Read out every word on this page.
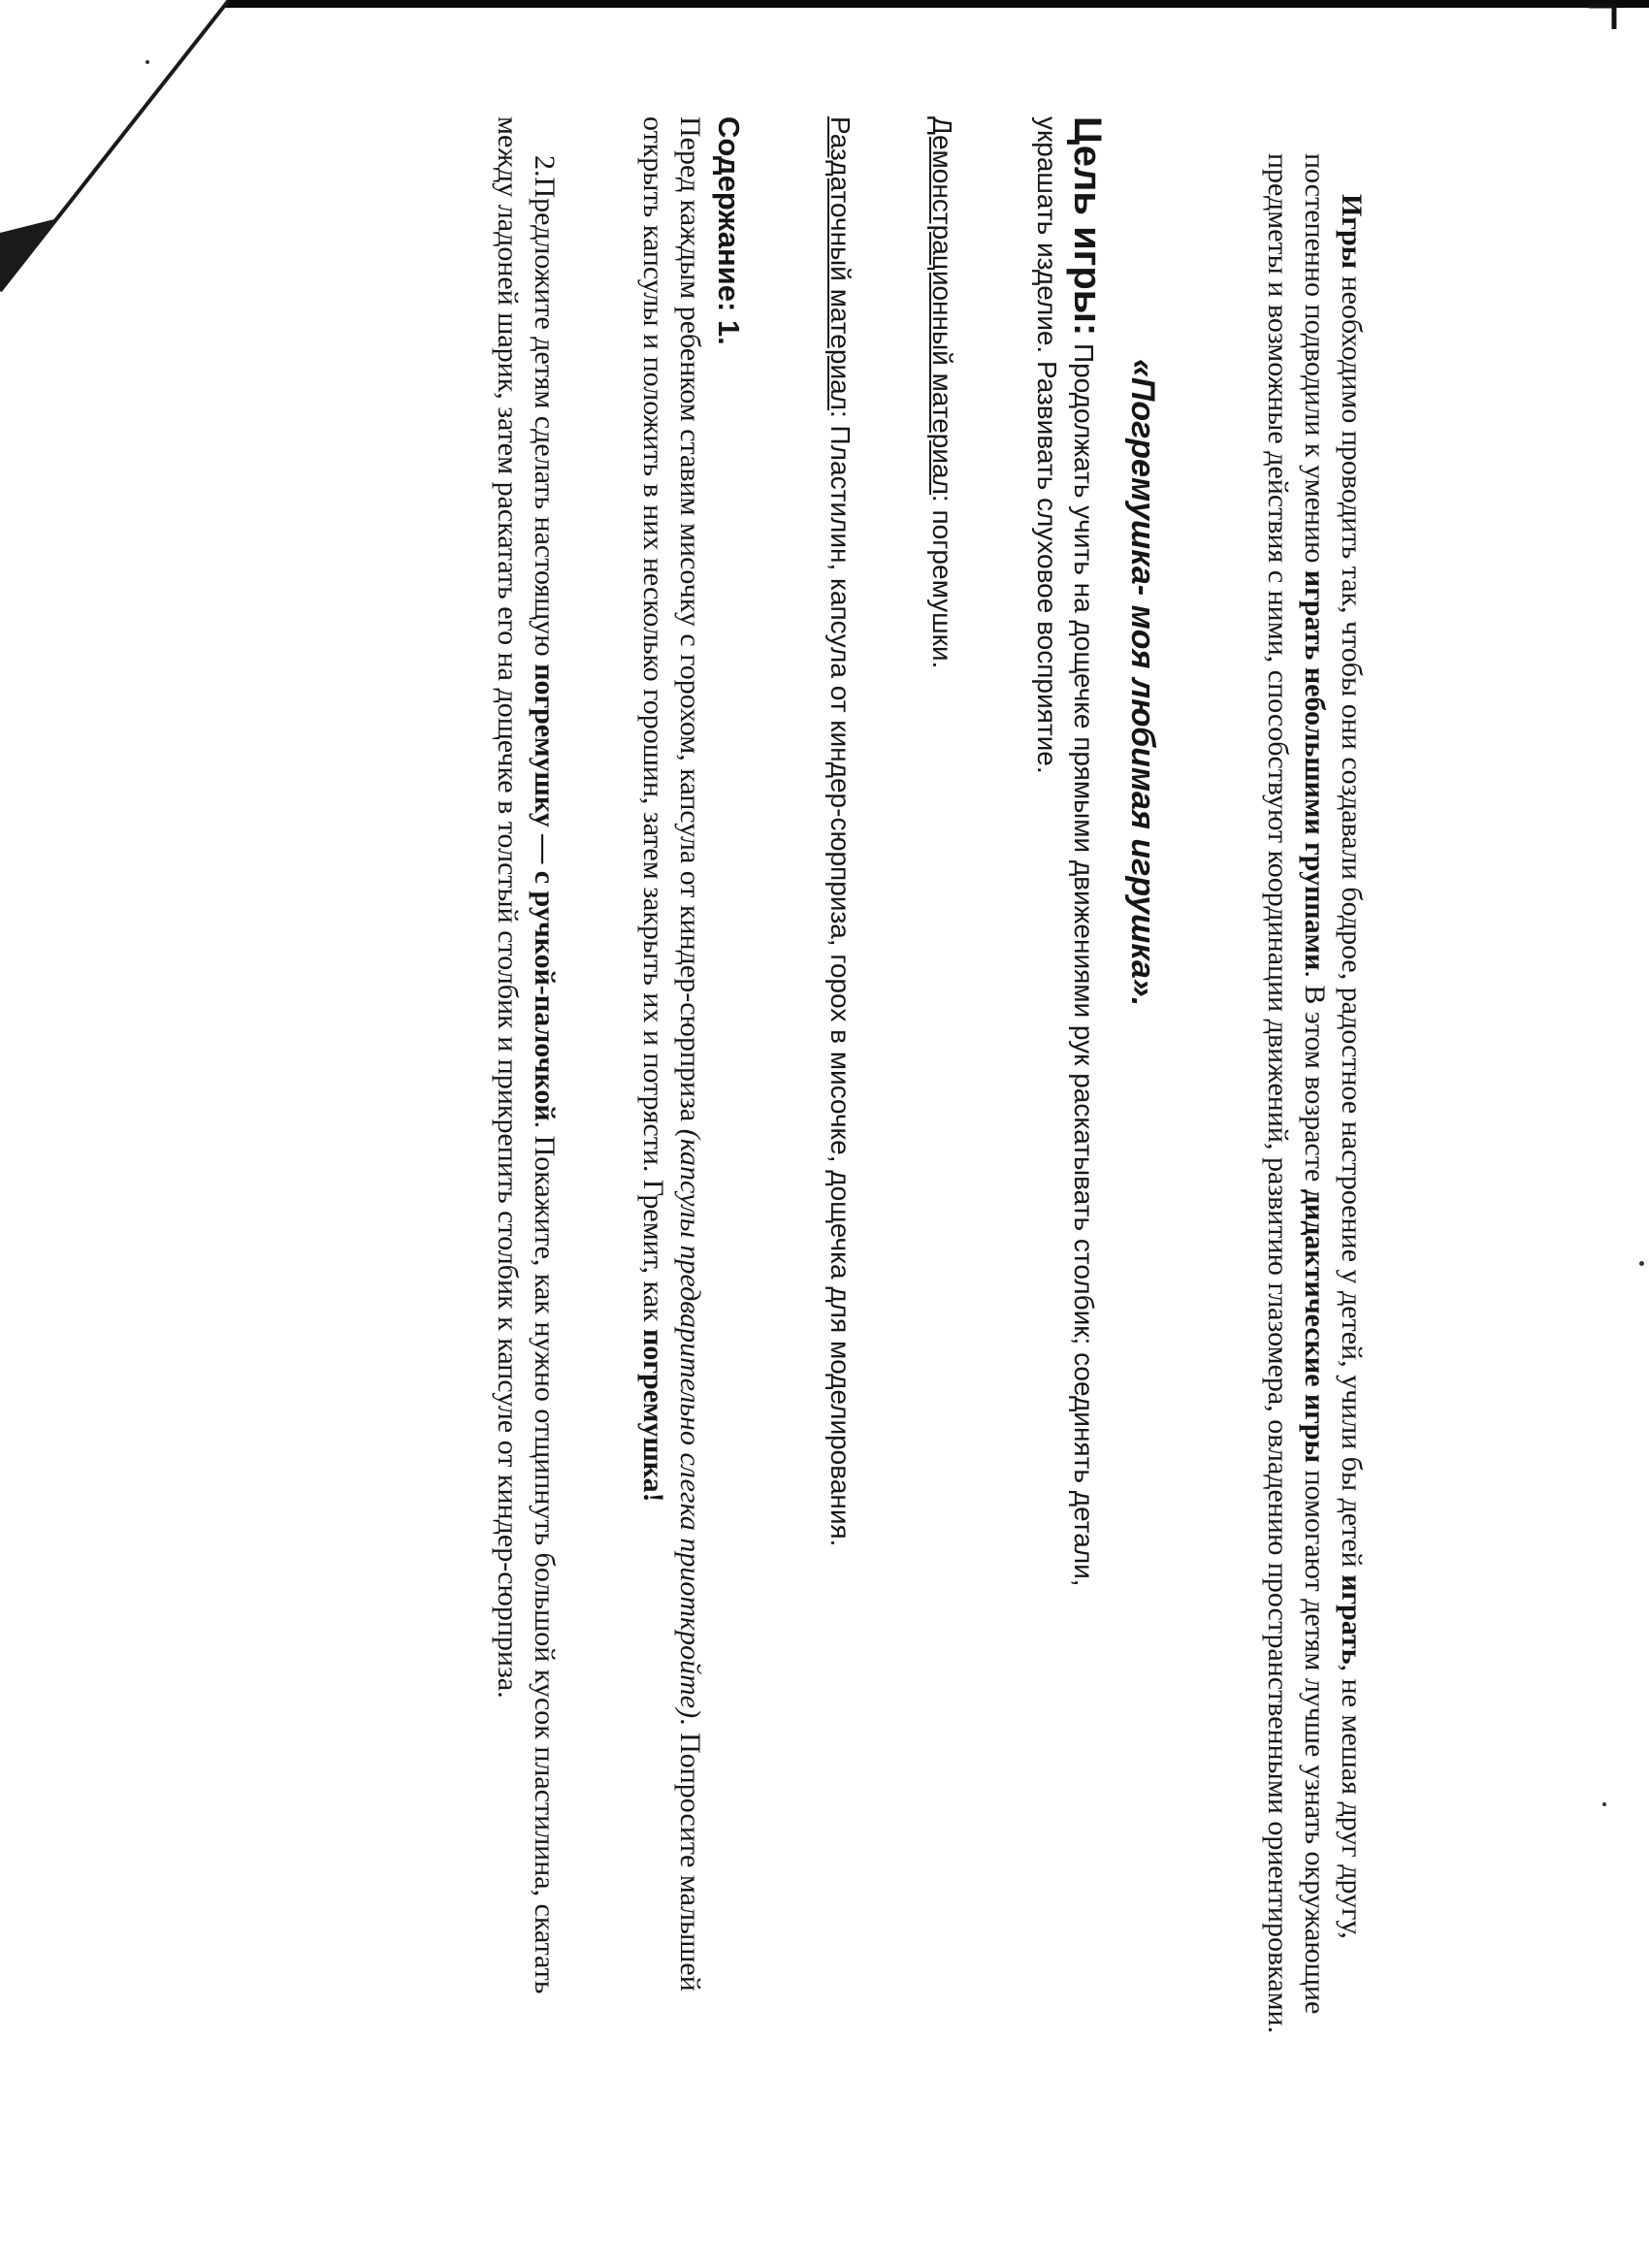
Игры необходимо проводить так, чтобы они создавали бодрое, радостное настроение у детей, учили бы детей играть, не мешая друг другу, постепенно подводили к умению играть небольшими группами. В этом возрасте дидактические игры помогают детям лучше узнать окружающие предметы и возможные действия с ними, способствуют координации движений, развитию глазомера, овладению пространственными ориентировками.

«Погремушка- моя любимая игрушка».

Цель игры: Продолжать учить на дощечке прямыми движениями рук раскатывать столбик; соединять детали,
украшать изделие. Развивать слуховое восприятие.

Демонстрационный материал: погремушки.

Раздаточный материал: Пластилин, капсула от киндер-сюрприза, горох в мисочке, дощечка для моделирования.

Содержание: 1.

Перед каждым ребенком ставим мисочку с горохом, капсула от киндер-сюрприза (капсулы предварительно слегка приоткройте). Попросите малышей открыть капсулы и положить в них несколько горошин, затем закрыть их и потрясти. Гремит, как погремушка!

2.Предложите детям сделать настоящую погремушку — с ручкой-палочкой. Покажите, как нужно отщипнуть большой кусок пластилина, скатать между ладоней шарик, затем раскатать его на дощечке в толстый столбик и прикрепить столбик к капсуле от киндер-сюрприза.
